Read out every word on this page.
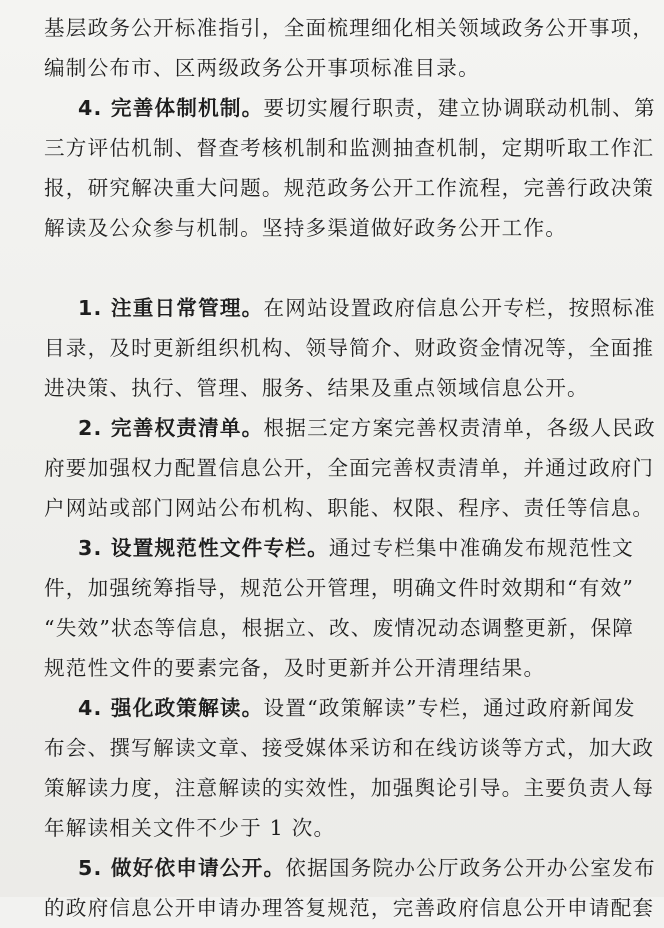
基层政务公开标准指引，全面梳理细化相关领域政务公开事项，
编制公布市、区两级政务公开事项标准目录。
4. 完善体制机制。要切实履行职责，建立协调联动机制、第
三方评估机制、督查考核机制和监测抽查机制，定期听取工作汇
报，研究解决重大问题。规范政务公开工作流程，完善行政决策
解读及公众参与机制。坚持多渠道做好政务公开工作。
1. 注重日常管理。在网站设置政府信息公开专栏，按照标准
目录，及时更新组织机构、领导简介、财政资金情况等，全面推
进决策、执行、管理、服务、结果及重点领域信息公开。
2. 完善权责清单。根据三定方案完善权责清单，各级人民政
府要加强权力配置信息公开，全面完善权责清单，并通过政府门
户网站或部门网站公布机构、职能、权限、程序、责任等信息。
3. 设置规范性文件专栏。通过专栏集中准确发布规范性文
件，加强统筹指导，规范公开管理，明确文件时效期和“有效”
“失效”状态等信息，根据立、改、废情况动态调整更新，保障
规范性文件的要素完备，及时更新并公开清理结果。
4. 强化政策解读。设置“政策解读”专栏，通过政府新闻发
布会、撰写解读文章、接受媒体采访和在线访谈等方式，加大政
策解读力度，注意解读的实效性，加强舆论引导。主要负责人每
年解读相关文件不少于 1 次。
5. 做好依申请公开。依据国务院办公厅政务公开办公室发布
的政府信息公开申请办理答复规范，完善政府信息公开申请配套
